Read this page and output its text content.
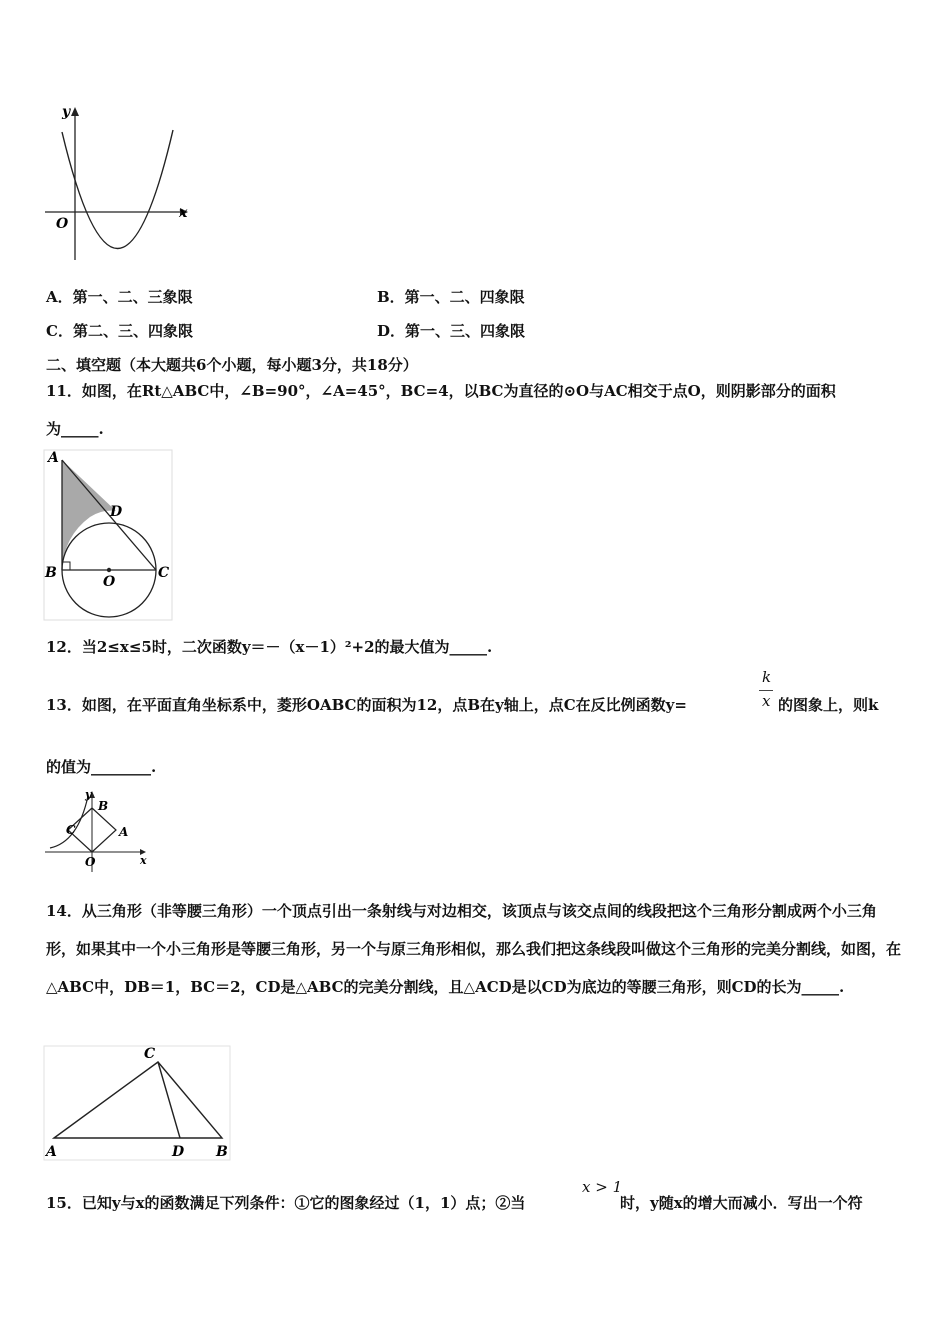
y
x
O
A．第一、二、三象限	B．第一、二、四象限
C．第二、三、四象限	D．第一、三、四象限
二、填空题（本大题共6个小题，每小题3分，共18分）
11．如图，在Rt△ABC中，∠B=90°，∠A=45°，BC=4，以BC为直径的⊙O与AC相交于点O，则阴影部分的面积
为_____.
A
D
B
O
C
12．当2≤x≤5时，二次函数y＝－（x－1）²+2的最大值为_____.
13．如图，在平面直角坐标系中，菱形OABC的面积为12，点B在y轴上，点C在反比例函数y=
k
x 的图象上，则k
的值为________.
y
B
C	A
O	x
14．从三角形（非等腰三角形）一个顶点引出一条射线与对边相交，该顶点与该交点间的线段把这个三角形分割成两个小三角形，如果其中一个小三角形是等腰三角形，另一个与原三角形相似，那么我们把这条线段叫做这个三角形的完美分割线，如图，在△ABC中，DB＝1，BC＝2，CD是△ABC的完美分割线，且△ACD是以CD为底边的等腰三角形，则CD的长为_____.
C
A	D B
15．已知y与x的函数满足下列条件：①它的图象经过（1，1）点；②当
x > 1
时，y随x的增大而减小．写出一个符
